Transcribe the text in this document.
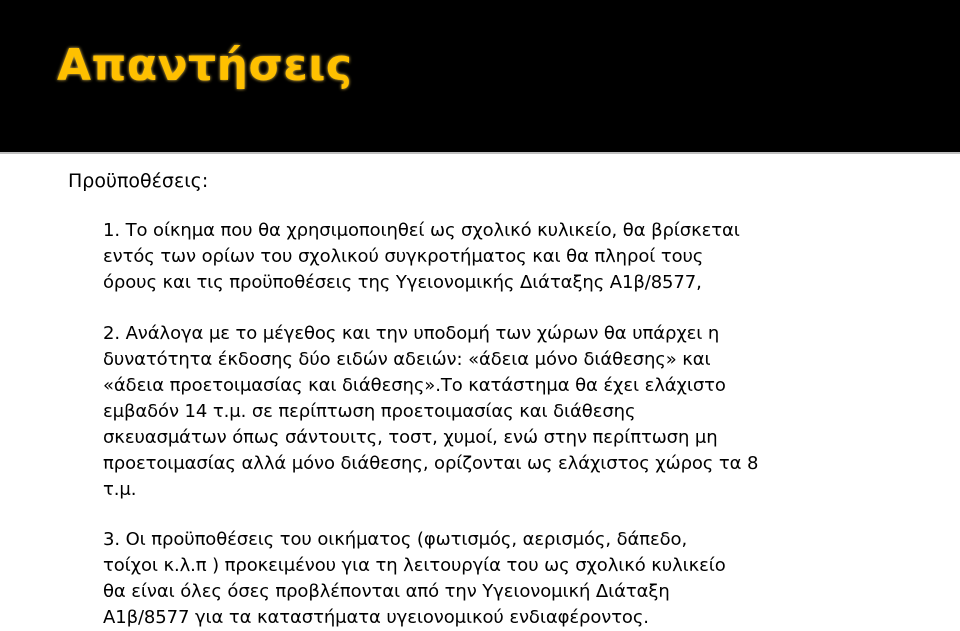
Απαντήσεις
Προϋποθέσεις:
1. Το οίκημα που θα χρησιμοποιηθεί ως σχολικό κυλικείο, θα βρίσκεται
εντός των ορίων του σχολικού συγκροτήματος και θα πληροί τους
όρους και τις προϋποθέσεις της Υγειονομικής Διάταξης Α1β/8577,
2. Ανάλογα με το μέγεθος και την υποδομή των χώρων θα υπάρχει η
δυνατότητα έκδοσης δύο ειδών αδειών: «άδεια μόνο διάθεσης» και
«άδεια προετοιμασίας και διάθεσης».Το κατάστημα θα έχει ελάχιστο
εμβαδόν 14 τ.μ. σε περίπτωση προετοιμασίας και διάθεσης
σκευασμάτων όπως σάντουιτς, τοστ, χυμοί, ενώ στην περίπτωση μη
προετοιμασίας αλλά μόνο διάθεσης, ορίζονται ως ελάχιστος χώρος τα 8
τ.μ.
3. Οι προϋποθέσεις του οικήματος (φωτισμός, αερισμός, δάπεδο,
τοίχοι κ.λ.π ) προκειμένου για τη λειτουργία του ως σχολικό κυλικείο
θα είναι όλες όσες προβλέπονται από την Υγειονομική Διάταξη
Α1β/8577 για τα καταστήματα υγειονομικού ενδιαφέροντος.
